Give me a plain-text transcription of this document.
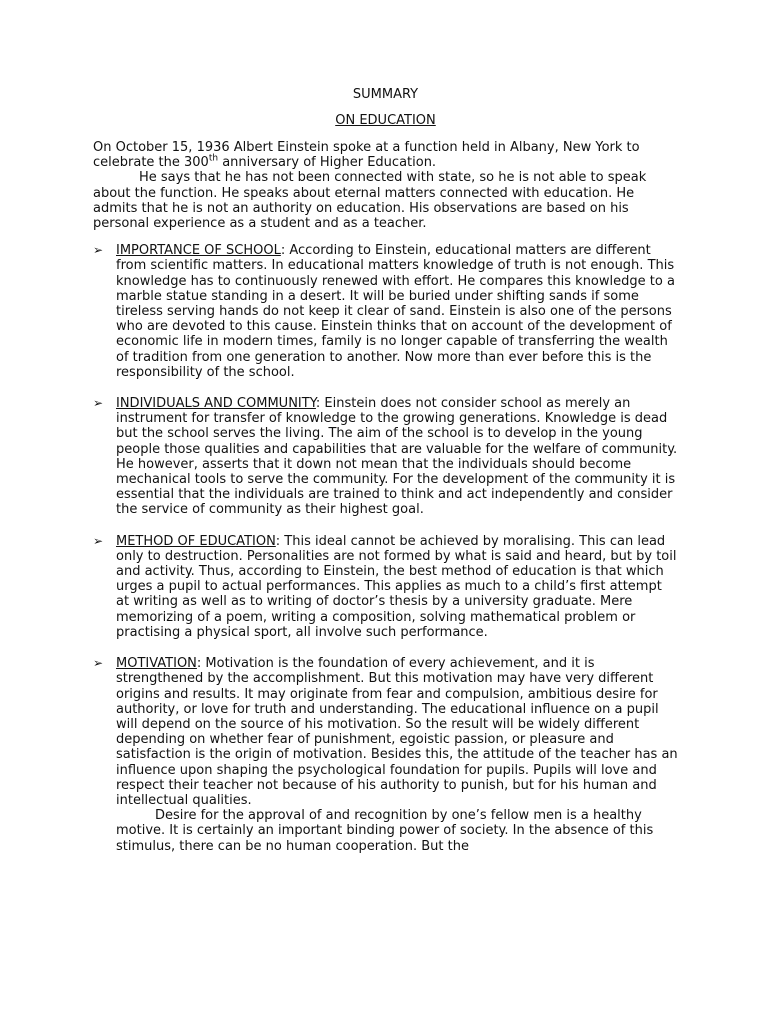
SUMMARY
ON EDUCATION

On October 15, 1936 Albert Einstein spoke at a function held in Albany, New York to celebrate the 300th anniversary of Higher Education.

He says that he has not been connected with state, so he is not able to speak about the function. He speaks about eternal matters connected with education. He admits that he is not an authority on education. His observations are based on his personal experience as a student and as a teacher.

➢ IMPORTANCE OF SCHOOL: According to Einstein, educational matters are different from scientific matters. In educational matters knowledge of truth is not enough. This knowledge has to continuously renewed with effort. He compares this knowledge to a marble statue standing in a desert. It will be buried under shifting sands if some tireless serving hands do not keep it clear of sand. Einstein is also one of the persons who are devoted to this cause. Einstein thinks that on account of the development of economic life in modern times, family is no longer capable of transferring the wealth of tradition from one generation to another. Now more than ever before this is the responsibility of the school.
➢ INDIVIDUALS AND COMMUNITY: Einstein does not consider school as merely an instrument for transfer of knowledge to the growing generations. Knowledge is dead but the school serves the living. The aim of the school is to develop in the young people those qualities and capabilities that are valuable for the welfare of community. He however, asserts that it down not mean that the individuals should become mechanical tools to serve the community. For the development of the community it is essential that the individuals are trained to think and act independently and consider the service of community as their highest goal.
➢ METHOD OF EDUCATION: This ideal cannot be achieved by moralising. This can lead only to destruction. Personalities are not formed by what is said and heard, but by toil and activity. Thus, according to Einstein, the best method of education is that which urges a pupil to actual performances. This applies as much to a child’s first attempt at writing as well as to writing of doctor’s thesis by a university graduate. Mere memorizing of a poem, writing a composition, solving mathematical problem or practising a physical sport, all involve such performance.
➢ MOTIVATION: Motivation is the foundation of every achievement, and it is strengthened by the accomplishment. But this motivation may have very different origins and results. It may originate from fear and compulsion, ambitious desire for authority, or love for truth and understanding. The educational influence on a pupil will depend on the source of his motivation. So the result will be widely different depending on whether fear of punishment, egoistic passion, or pleasure and satisfaction is the origin of motivation. Besides this, the attitude of the teacher has an influence upon shaping the psychological foundation for pupils. Pupils will love and respect their teacher not because of his authority to punish, but for his human and intellectual qualities.
Desire for the approval of and recognition by one’s fellow men is a healthy motive. It is certainly an important binding power of society. In the absence of this stimulus, there can be no human cooperation. But the
